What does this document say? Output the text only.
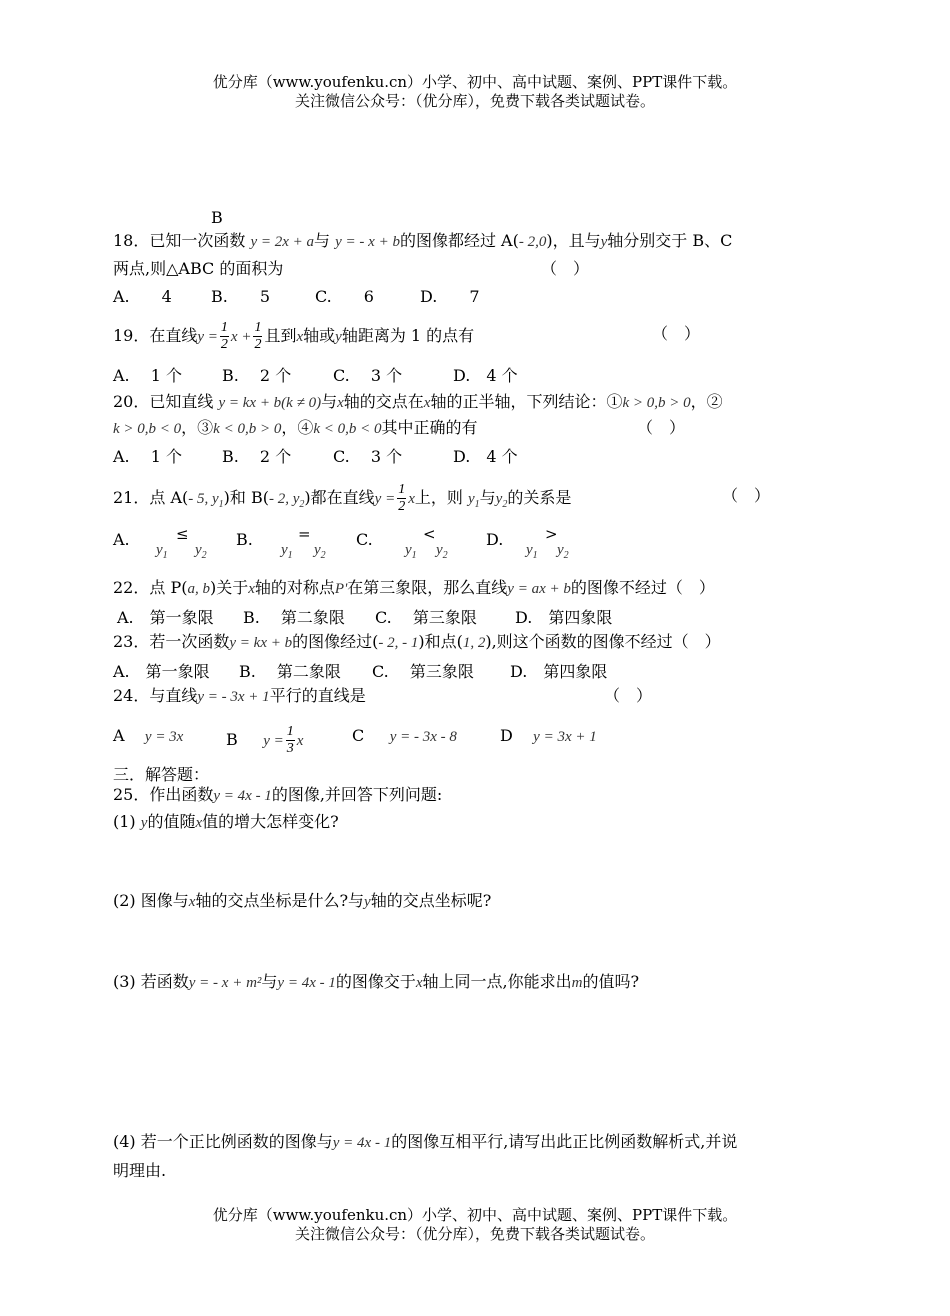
优分库（www.youfenku.cn）小学、初中、高中试题、案例、PPT课件下载。
关注微信公众号：（优分库），免费下载各类试题试卷。
B
18．已知一次函数 y = 2x + a与 y = - x + b的图像都经过 A(- 2,0)，且与y轴分别交于 B、C
两点,则△ABC 的面积为	（　）
A.　　4 B.　　5	C.　　6	D.　　7
19．在直线$y = \frac{1}{2}$ $x + \frac{1}{2}$ 且到x轴或y轴距离为 1 的点有	（　）
A.　 1 个	B.　 2 个	C.　 3 个	D.　4 个
20．已知直线 y = kx + b(k ≠ 0)与x轴的交点在x轴的正半轴，下列结论：①k > 0,b > 0，②
k > 0,b < 0，③k < 0,b > 0，④k < 0,b < 0其中正确的有	（　）
A.　 1 个	B.　 2 个	C.　 3 个	D.　4 个
21．点 A(- 5, $y_1$)和 B(- 2, $y_2$)都在直线$y = \frac{1}{2}$ x上，则 $y_1$与$y_2$的关系是	（　）
A.	≤
$y_1$ $y_2$
B.	=
$y_1$ $y_2$
C.	<
$y_1$ $y_2$
D.	>
$y_1$ $y_2$
22．点 P(a, b)关于x轴的对称点P'在第三象限，那么直线y = ax + b的图像不经过（　）
A.　第一象限 B.　 第二象限 C.　 第三象限 D.　第四象限
23．若一次函数y = kx + b的图像经过(- 2, - 1)和点(1, 2),则这个函数的图像不经过（　）
A.　第一象限 B.　 第二象限 C.　 第三象限 D.　第四象限
24．与直线y = - 3x + 1平行的直线是	（　）
A y = 3x	B $y = \frac{1}{3}$ x	C y = - 3x - 8	D y = 3x + 1
三．解答题：
25．作出函数y = 4x - 1的图像,并回答下列问题:
(1) y的值随x值的增大怎样变化?
(2) 图像与x轴的交点坐标是什么?与y轴的交点坐标呢?
(3) 若函数y = - x + m²与y = 4x - 1的图像交于x轴上同一点,你能求出m的值吗?
(4) 若一个正比例函数的图像与y = 4x - 1的图像互相平行,请写出此正比例函数解析式,并说
明理由.
优分库（www.youfenku.cn）小学、初中、高中试题、案例、PPT课件下载。
关注微信公众号：（优分库），免费下载各类试题试卷。
